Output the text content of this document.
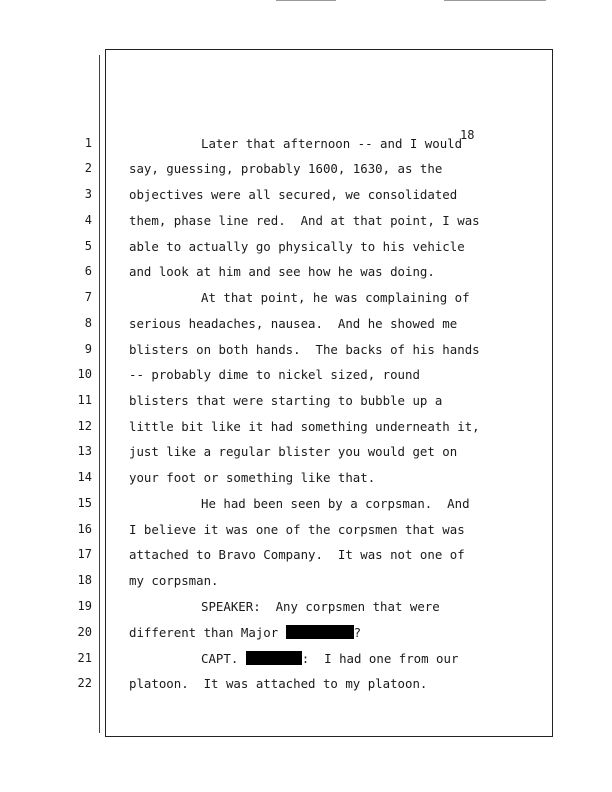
18
1	Later that afternoon -- and I would
2	say, guessing, probably 1600, 1630, as the
3	objectives were all secured, we consolidated
4	them, phase line red.  And at that point, I was
5	able to actually go physically to his vehicle
6	and look at him and see how he was doing.
7	At that point, he was complaining of
8	serious headaches, nausea.  And he showed me
9	blisters on both hands.  The backs of his hands
10	-- probably dime to nickel sized, round
11	blisters that were starting to bubble up a
12	little bit like it had something underneath it,
13	just like a regular blister you would get on
14	your foot or something like that.
15	He had been seen by a corpsman.  And
16	I believe it was one of the corpsmen that was
17	attached to Bravo Company.  It was not one of
18	my corpsman.
19	SPEAKER:  Any corpsmen that were
20	different than Major	?
21	CAPT.	:  I had one from our
22	platoon.  It was attached to my platoon.
